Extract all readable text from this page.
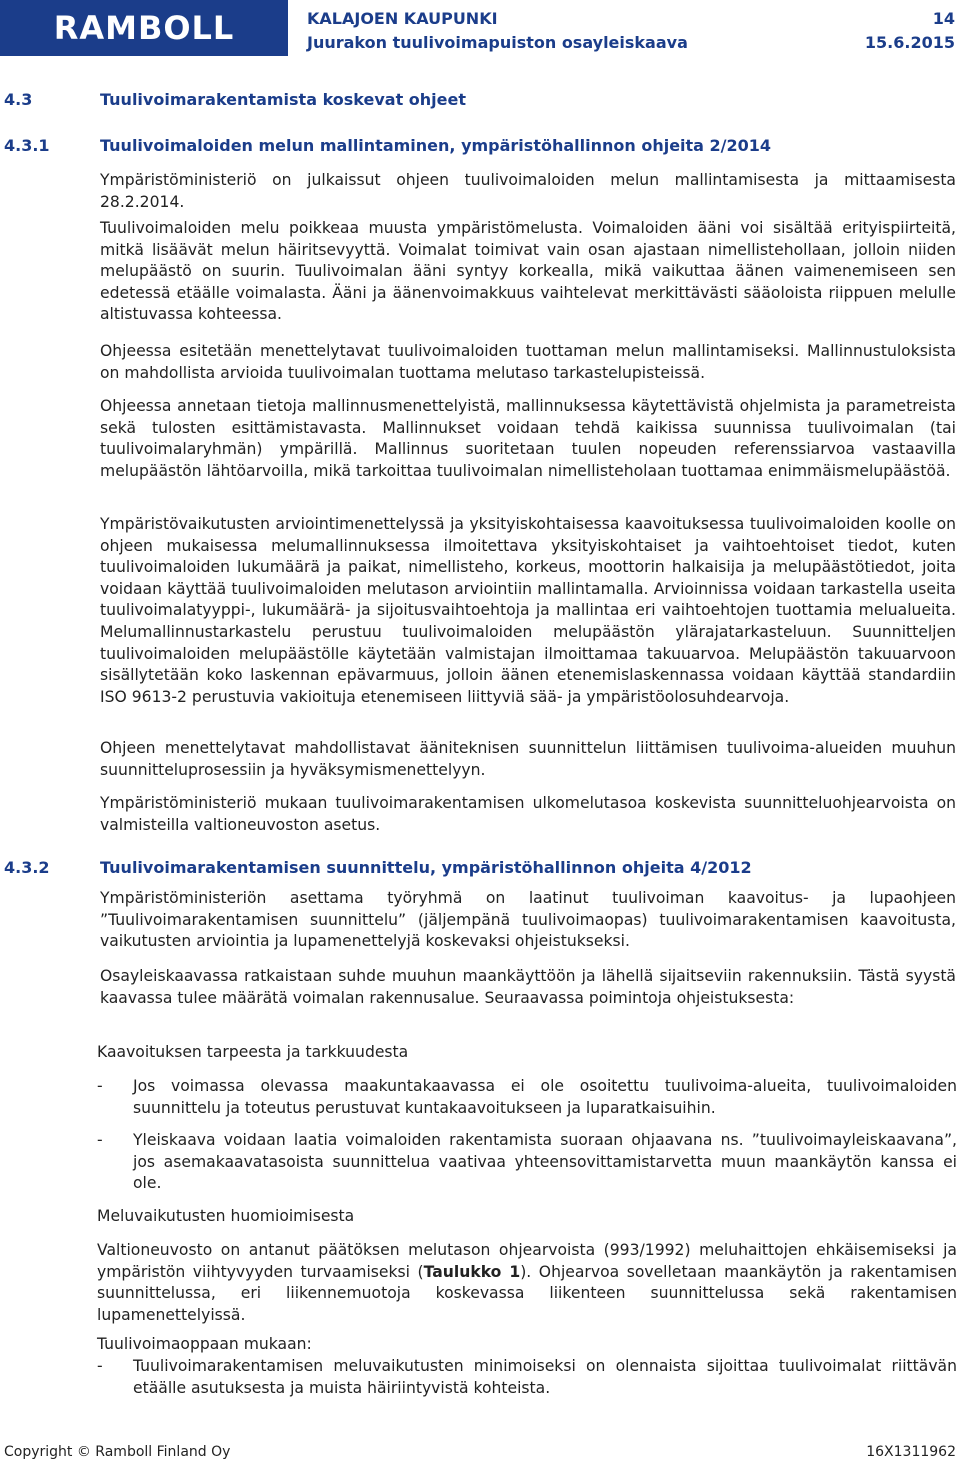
RAMBOLL	KALAJOEN KAUPUNKI	14
Juurakon tuulivoimapuiston osayleiskaava	15.6.2015
4.3	Tuulivoimarakentamista koskevat ohjeet
4.3.1	Tuulivoimaloiden melun mallintaminen, ympäristöhallinnon ohjeita 2/2014

Ympäristöministeriö on julkaissut ohjeen tuulivoimaloiden melun mallintamisesta ja mittaamisesta 28.2.2014.

Tuulivoimaloiden melu poikkeaa muusta ympäristömelusta. Voimaloiden ääni voi sisältää erityispiirteitä, mitkä lisäävät melun häiritsevyyttä. Voimalat toimivat vain osan ajastaan nimellistehollaan, jolloin niiden melupäästö on suurin. Tuulivoimalan ääni syntyy korkealla, mikä vaikuttaa äänen vaimenemiseen sen edetessä etäälle voimalasta. Ääni ja äänenvoimakkuus vaihtelevat merkittävästi sääoloista riippuen melulle altistuvassa kohteessa.

Ohjeessa esitetään menettelytavat tuulivoimaloiden tuottaman melun mallintamiseksi. Mallinnustuloksista on mahdollista arvioida tuulivoimalan tuottama melutaso tarkastelupisteissä.

Ohjeessa annetaan tietoja mallinnusmenettelyistä, mallinnuksessa käytettävistä ohjelmista ja parametreista sekä tulosten esittämistavasta. Mallinnukset voidaan tehdä kaikissa suunnissa tuulivoimalan (tai tuulivoimalaryhmän) ympärillä. Mallinnus suoritetaan tuulen nopeuden referenssiarvoa vastaavilla melupäästön lähtöarvoilla, mikä tarkoittaa tuulivoimalan nimellisteholaan tuottamaa enimmäismelupäästöä.

Ympäristövaikutusten arviointimenettelyssä ja yksityiskohtaisessa kaavoituksessa tuulivoimaloiden koolle on ohjeen mukaisessa melumallinnuksessa ilmoitettava yksityiskohtaiset ja vaihtoehtoiset tiedot, kuten tuulivoimaloiden lukumäärä ja paikat, nimellisteho, korkeus, moottorin halkaisija ja melupäästötiedot, joita voidaan käyttää tuulivoimaloiden melutason arviointiin mallintamalla. Arvioinnissa voidaan tarkastella useita tuulivoimalatyyppi-, lukumäärä- ja sijoitusvaihtoehtoja ja mallintaa eri vaihtoehtojen tuottamia melualueita. Melumallinnustarkastelu perustuu tuulivoimaloiden melupäästön ylärajatarkasteluun. Suunnitteljen tuulivoimaloiden melupäästölle käytetään valmistajan ilmoittamaa takuuarvoa. Melupäästön takuuarvoon sisällytetään koko laskennan epävarmuus, jolloin äänen etenemislaskennassa voidaan käyttää standardiin ISO 9613-2 perustuvia vakioituja etenemiseen liittyviä sää- ja ympäristöolosuhdearvoja.

Ohjeen menettelytavat mahdollistavat ääniteknisen suunnittelun liittämisen tuulivoima-alueiden muuhun suunnitteluprosessiin ja hyväksymismenettelyyn.

Ympäristöministeriö mukaan tuulivoimarakentamisen ulkomelutasoa koskevista suunnitteluohjearvoista on valmisteilla valtioneuvoston asetus.

4.3.2	Tuulivoimarakentamisen suunnittelu, ympäristöhallinnon ohjeita 4/2012

Ympäristöministeriön asettama työryhmä on laatinut tuulivoiman kaavoitus- ja lupaohjeen ”Tuulivoimarakentamisen suunnittelu” (jäljempänä tuulivoimaopas) tuulivoimarakentamisen kaavoitusta, vaikutusten arviointia ja lupamenettelyjä koskevaksi ohjeistukseksi.

Osayleiskaavassa ratkaistaan suhde muuhun maankäyttöön ja lähellä sijaitseviin rakennuksiin. Tästä syystä kaavassa tulee määrätä voimalan rakennusalue. Seuraavassa poimintoja ohjeistuksesta:

Kaavoituksen tarpeesta ja tarkkuudesta
- Jos voimassa olevassa maakuntakaavassa ei ole osoitettu tuulivoima-alueita, tuulivoimaloiden suunnittelu ja toteutus perustuvat kuntakaavoitukseen ja luparatkaisuihin.
- Yleiskaava voidaan laatia voimaloiden rakentamista suoraan ohjaavana ns. ”tuulivoimayleiskaavana”, jos asemakaavatasoista suunnittelua vaativaa yhteensovittamistarvetta muun maankäytön kanssa ei ole.
Meluvaikutusten huomioimisesta

Valtioneuvosto on antanut päätöksen melutason ohjearvoista (993/1992) meluhaittojen ehkäisemiseksi ja ympäristön viihtyvyyden turvaamiseksi (Taulukko 1). Ohjearvoa sovelletaan maankäytön ja rakentamisen suunnittelussa, eri liikennemuotoja koskevassa liikenteen suunnittelussa sekä rakentamisen lupamenettelyissä.

Tuulivoimaoppaan mukaan:
- Tuulivoimarakentamisen meluvaikutusten minimoiseksi on olennaista sijoittaa tuulivoimalat riittävän etäälle asutuksesta ja muista häiriintyvistä kohteista.
Copyright © Ramboll Finland Oy	16X1311962
